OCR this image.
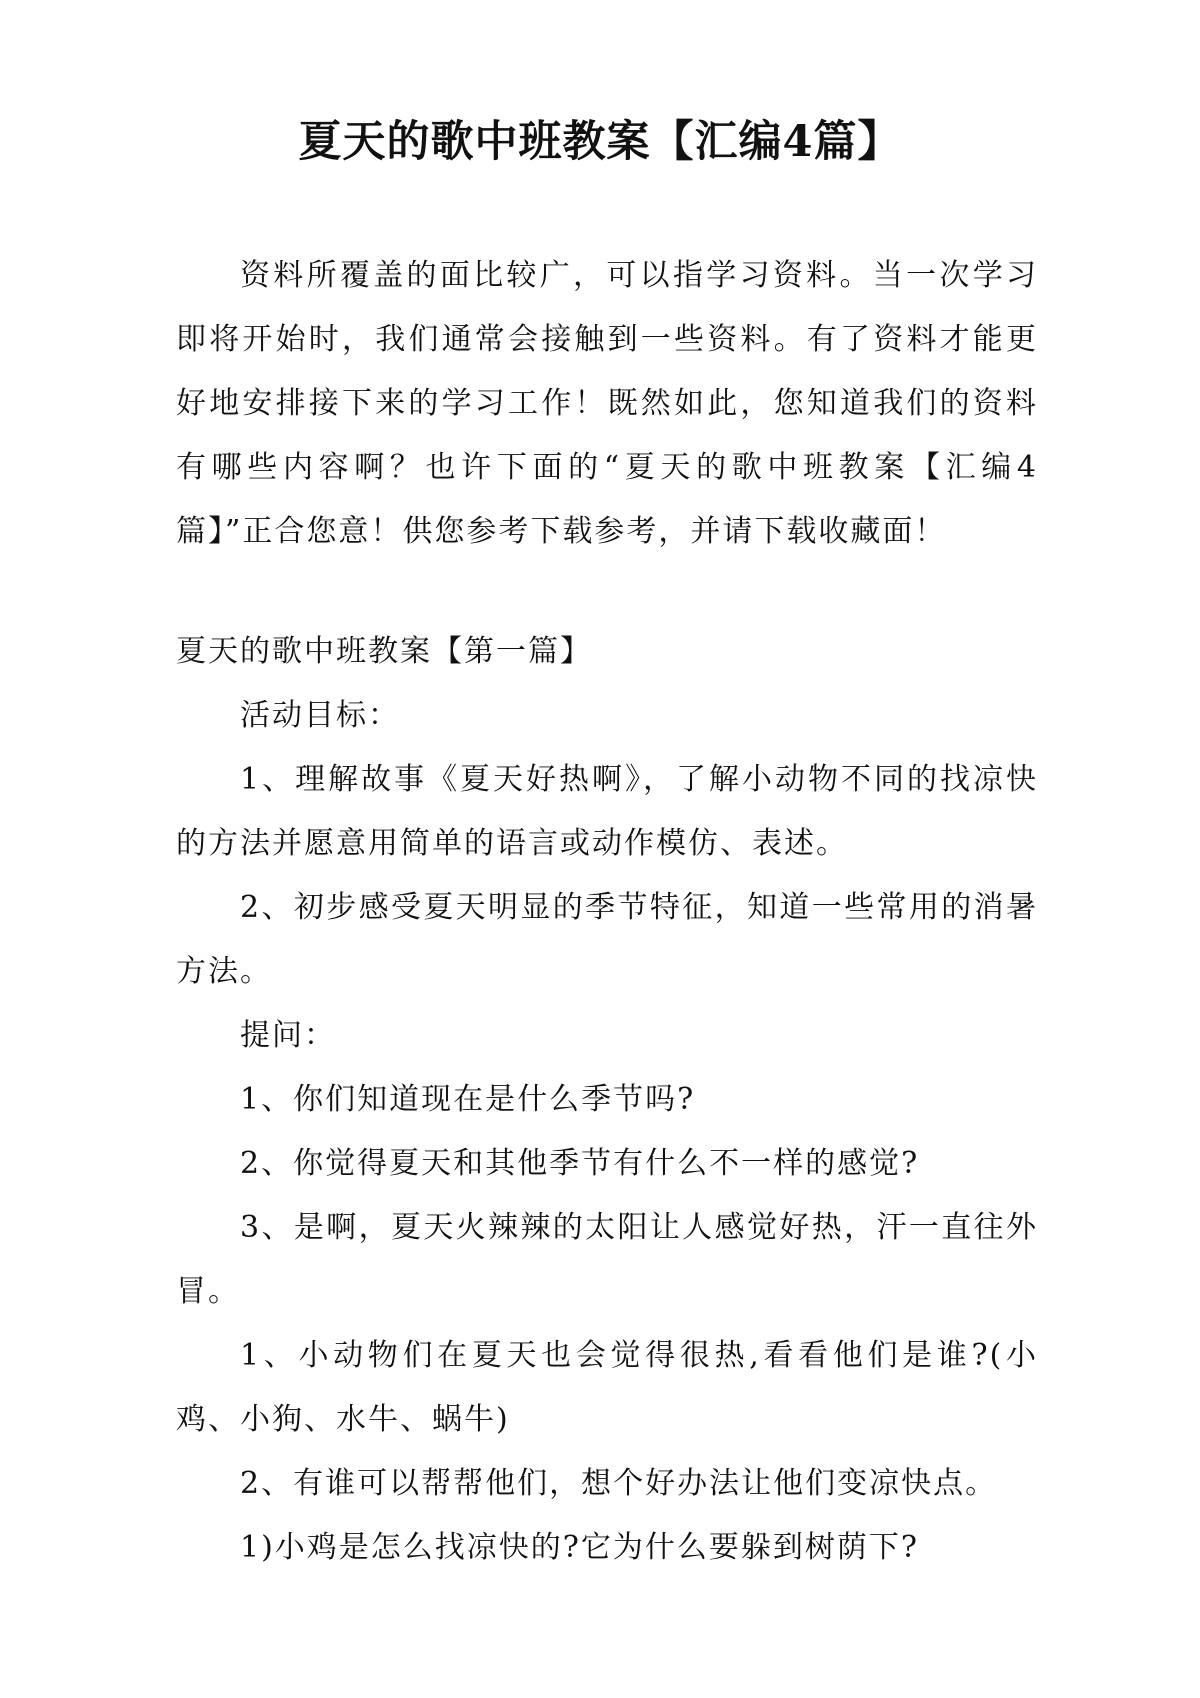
夏天的歌中班教案【汇编4篇】

资料所覆盖的面比较广，可以指学习资料。当一次学习即将开始时，我们通常会接触到一些资料。有了资料才能更好地安排接下来的学习工作！既然如此，您知道我们的资料有哪些内容啊？也许下面的“夏天的歌中班教案【汇编4篇】”正合您意！供您参考下载参考，并请下载收藏面！

夏天的歌中班教案【第一篇】

活动目标：

1、理解故事《夏天好热啊》，了解小动物不同的找凉快的方法并愿意用简单的语言或动作模仿、表述。

2、初步感受夏天明显的季节特征，知道一些常用的消暑方法。

提问：

1、你们知道现在是什么季节吗?

2、你觉得夏天和其他季节有什么不一样的感觉?

3、是啊，夏天火辣辣的太阳让人感觉好热，汗一直往外冒。

1、小动物们在夏天也会觉得很热,看看他们是谁?(小鸡、小狗、水牛、蜗牛)

2、有谁可以帮帮他们，想个好办法让他们变凉快点。

1)小鸡是怎么找凉快的?它为什么要躲到树荫下?
